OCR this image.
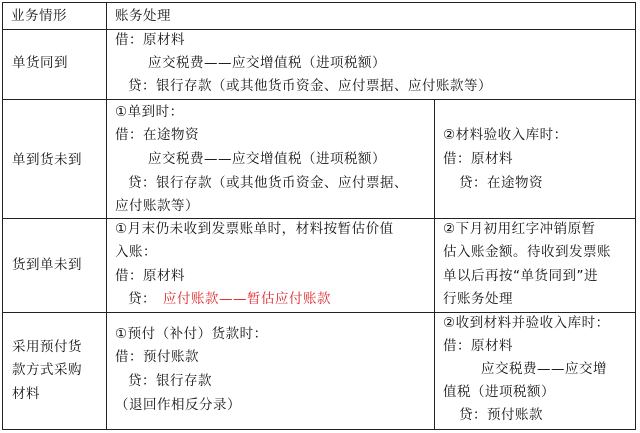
业务情形	账务处理
单货同到
借：原材料
应交税费——应交增值税（进项税额）
贷：银行存款（或其他货币资金、应付票据、应付账款等）
单到货未到
①单到时：
借：在途物资
应交税费——应交增值税（进项税额）
贷：银行存款（或其他货币资金、应付票据、
应付账款等）
②材料验收入库时：
借：原材料
贷：在途物资
货到单未到
①月末仍未收到发票账单时，材料按暂估价值
入账：
借：原材料
贷： 应付账款——暂估应付账款
②下月初用红字冲销原暂
估入账金额。待收到发票账
单以后再按“单货同到”进
行账务处理
采用预付货
款方式采购
材料
①预付（补付）货款时：
借：预付账款
贷：银行存款
（退回作相反分录）
②收到材料并验收入库时：
借：原材料
应交税费——应交增
值税（进项税额）
贷：预付账款
